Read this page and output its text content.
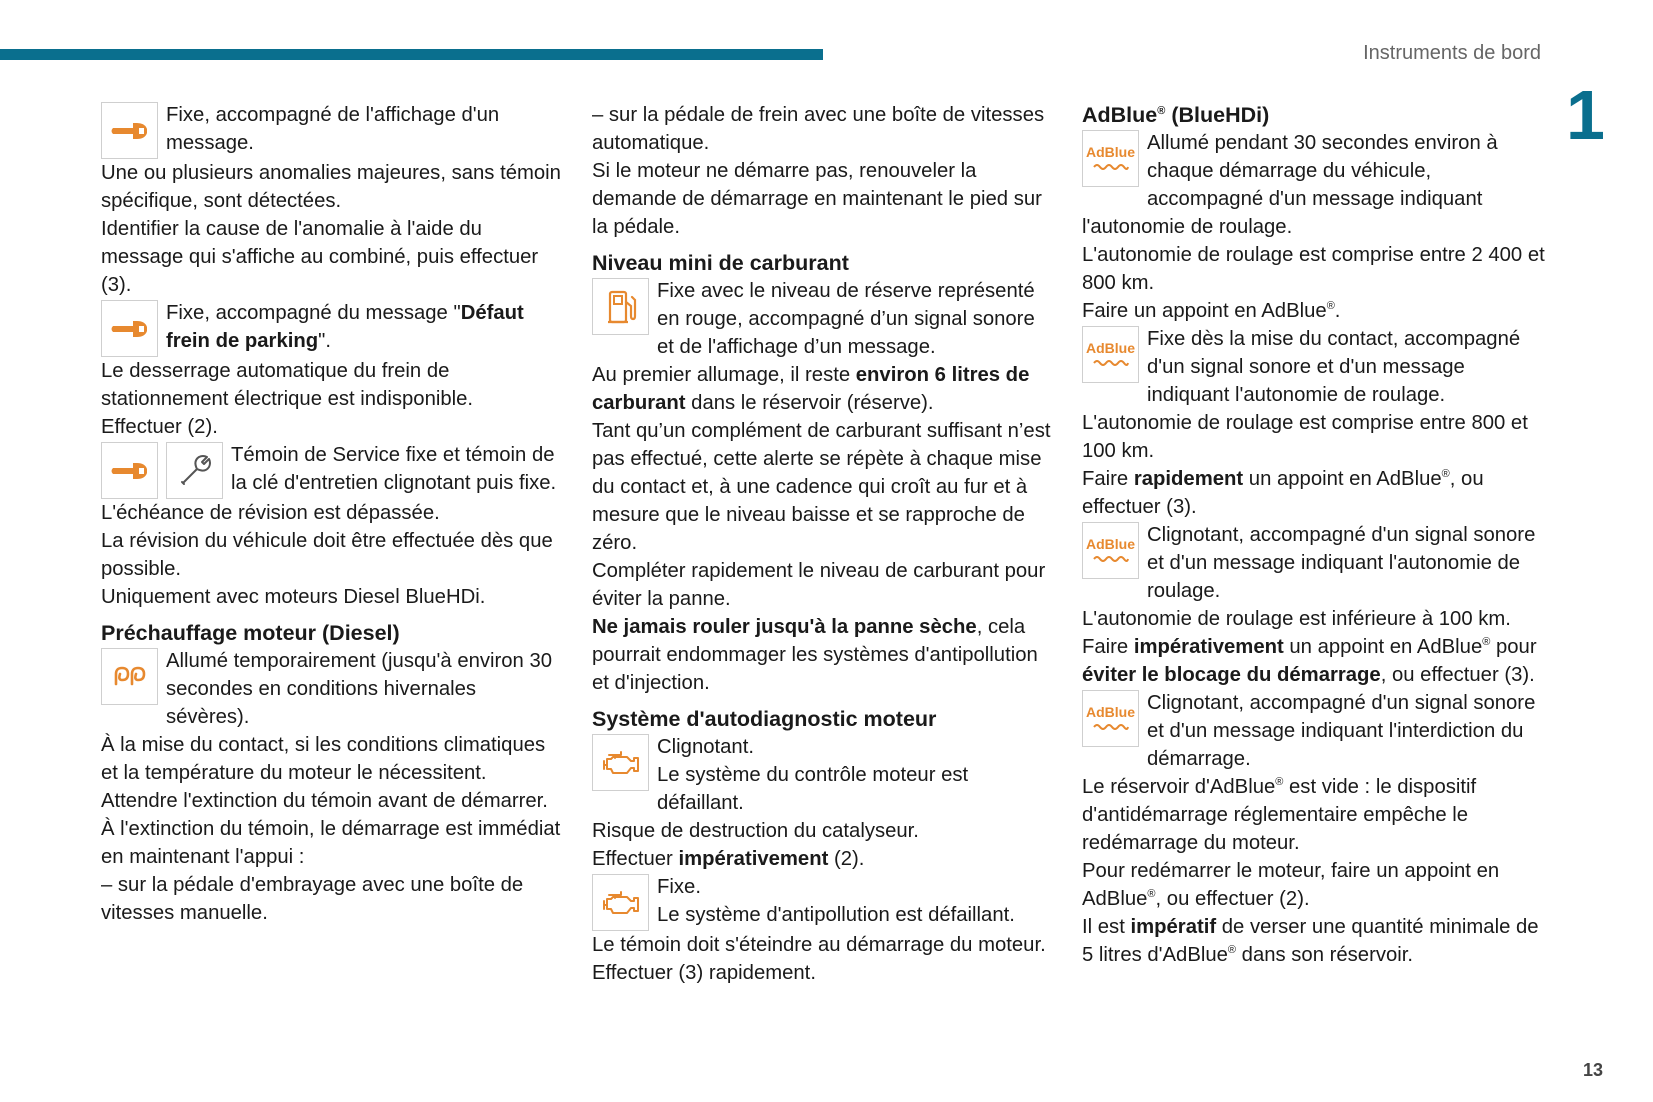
Instruments de bord
1

Fixe, accompagné de l'affichage d'un message.

Une ou plusieurs anomalies majeures, sans témoin spécifique, sont détectées.

Identifier la cause de l'anomalie à l'aide du message qui s'affiche au combiné, puis effectuer (3).

Fixe, accompagné du message "Défaut frein de parking".

Le desserrage automatique du frein de stationnement électrique est indisponible.

Effectuer (2).

Témoin de Service fixe et témoin de la clé d'entretien clignotant puis fixe.

L'échéance de révision est dépassée.

La révision du véhicule doit être effectuée dès que possible.

Uniquement avec moteurs Diesel BlueHDi.

Préchauffage moteur (Diesel)

Allumé temporairement (jusqu'à environ 30 secondes en conditions hivernales sévères).

À la mise du contact, si les conditions climatiques et la température du moteur le nécessitent.

Attendre l'extinction du témoin avant de démarrer.

À l'extinction du témoin, le démarrage est immédiat en maintenant l'appui :

– sur la pédale d'embrayage avec une boîte de vitesses manuelle.

– sur la pédale de frein avec une boîte de vitesses automatique.

Si le moteur ne démarre pas, renouveler la demande de démarrage en maintenant le pied sur la pédale.

Niveau mini de carburant

Fixe avec le niveau de réserve représenté en rouge, accompagné d’un signal sonore et de l'affichage d’un message.

Au premier allumage, il reste environ 6 litres de carburant dans le réservoir (réserve).

Tant qu’un complément de carburant suffisant n’est pas effectué, cette alerte se répète à chaque mise du contact et, à une cadence qui croît au fur et à mesure que le niveau baisse et se rapproche de zéro.

Compléter rapidement le niveau de carburant pour éviter la panne.

Ne jamais rouler jusqu'à la panne sèche, cela pourrait endommager les systèmes d'antipollution et d'injection.

Système d'autodiagnostic moteur

Clignotant.

Le système du contrôle moteur est défaillant.

Risque de destruction du catalyseur.

Effectuer impérativement (2).

Fixe.

Le système d'antipollution est défaillant.

Le témoin doit s'éteindre au démarrage du moteur.

Effectuer (3) rapidement.

AdBlue® (BlueHDi)
AdBlue Allumé pendant 30 secondes environ à chaque démarrage du véhicule, accompagné d'un message indiquant l'autonomie de roulage.

L'autonomie de roulage est comprise entre 2 400 et 800 km.

Faire un appoint en AdBlue®.

AdBlue Fixe dès la mise du contact, accompagné d'un signal sonore et d'un message indiquant l'autonomie de roulage.

L'autonomie de roulage est comprise entre 800 et 100 km.

Faire rapidement un appoint en AdBlue®, ou effectuer (3).

AdBlue Clignotant, accompagné d'un signal sonore et d'un message indiquant l'autonomie de roulage.

L'autonomie de roulage est inférieure à 100 km.

Faire impérativement un appoint en AdBlue® pour éviter le blocage du démarrage, ou effectuer (3).

AdBlue Clignotant, accompagné d'un signal sonore et d'un message indiquant l'interdiction du démarrage.

Le réservoir d'AdBlue® est vide : le dispositif d'antidémarrage réglementaire empêche le redémarrage du moteur.

Pour redémarrer le moteur, faire un appoint en AdBlue®, ou effectuer (2).

Il est impératif de verser une quantité minimale de 5 litres d'AdBlue® dans son réservoir.

13
